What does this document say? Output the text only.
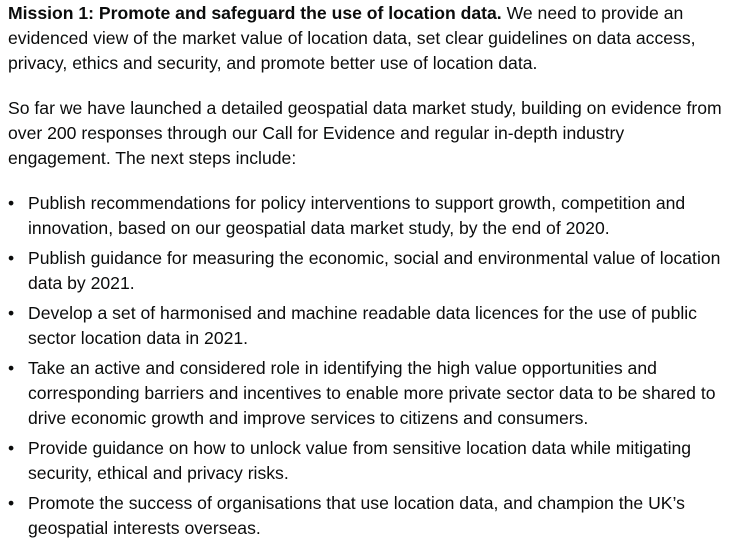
Mission 1: Promote and safeguard the use of location data. We need to provide an evidenced view of the market value of location data, set clear guidelines on data access, privacy, ethics and security, and promote better use of location data.

So far we have launched a detailed geospatial data market study, building on evidence from over 200 responses through our Call for Evidence and regular in-depth industry engagement. The next steps include:

• Publish recommendations for policy interventions to support growth, competition and innovation, based on our geospatial data market study, by the end of 2020.
• Publish guidance for measuring the economic, social and environmental value of location data by 2021.
• Develop a set of harmonised and machine readable data licences for the use of public sector location data in 2021.
• Take an active and considered role in identifying the high value opportunities and corresponding barriers and incentives to enable more private sector data to be shared to drive economic growth and improve services to citizens and consumers.
• Provide guidance on how to unlock value from sensitive location data while mitigating security, ethical and privacy risks.
• Promote the success of organisations that use location data, and champion the UK’s geospatial interests overseas.
